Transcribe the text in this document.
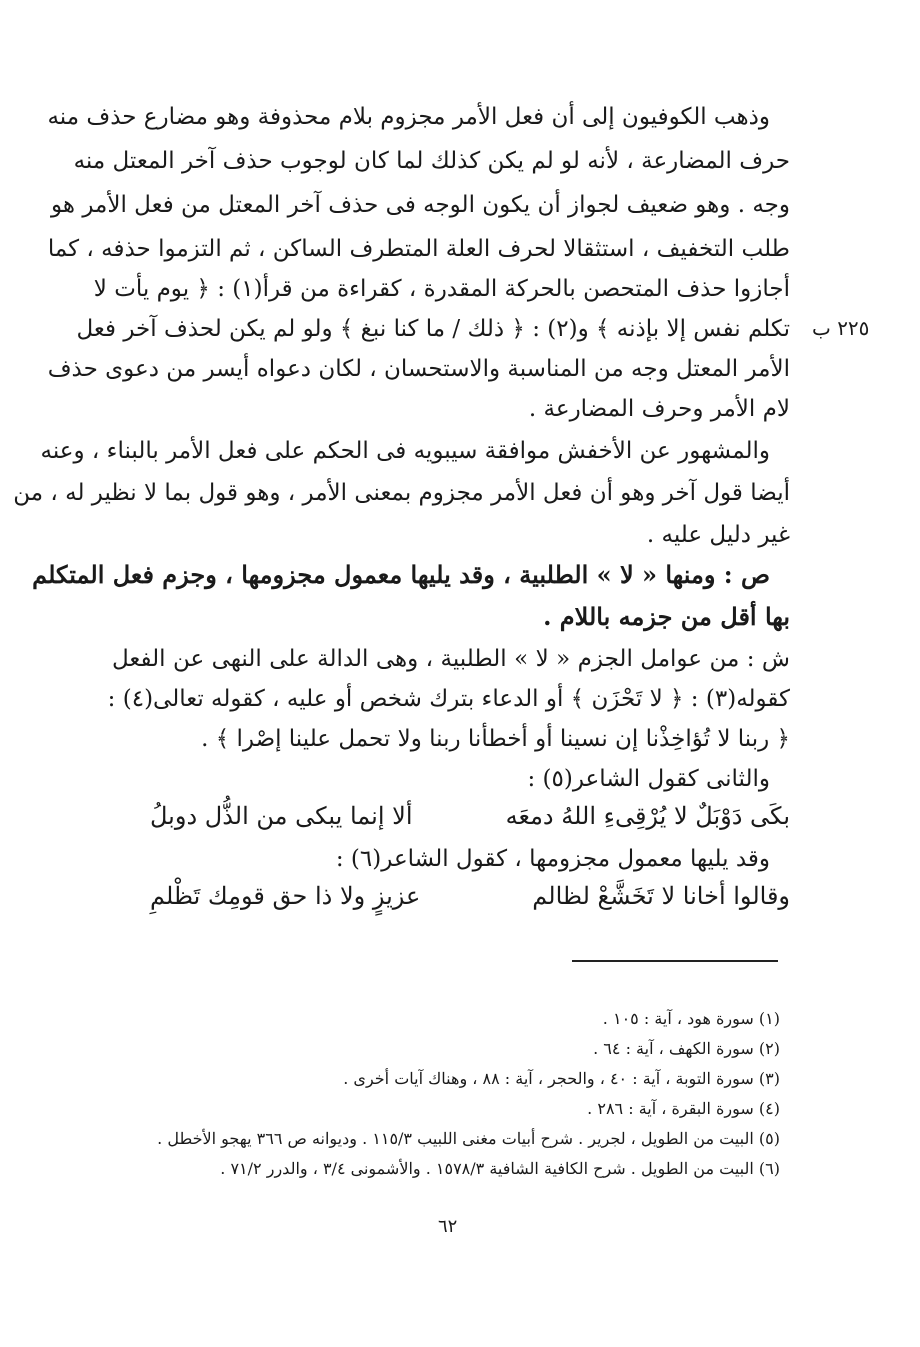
٢٢٥ ب
وذهب الكوفيون إلى أن فعل الأمر مجزوم بلام محذوفة وهو مضارع حذف منه
حرف المضارعة ، لأنه لو لم يكن كذلك لما كان لوجوب حذف آخر المعتل منه
وجه . وهو ضعيف لجواز أن يكون الوجه فى حذف آخر المعتل من فعل الأمر هو
طلب التخفيف ، استثقالا لحرف العلة المتطرف الساكن ، ثم التزموا حذفه ، كما
أجازوا حذف المتحصن بالحركة المقدرة ، كقراءة من قرأ(١) : ﴿ يوم يأت لا
تكلم نفس إلا بإذنه ﴾ و(٢) : ﴿ ذلك / ما كنا نبغ ﴾ ولو لم يكن لحذف آخر فعل
الأمر المعتل وجه من المناسبة والاستحسان ، لكان دعواه أيسر من دعوى حذف
لام الأمر وحرف المضارعة .
والمشهور عن الأخفش موافقة سيبويه فى الحكم على فعل الأمر بالبناء ، وعنه
أيضا قول آخر وهو أن فعل الأمر مجزوم بمعنى الأمر ، وهو قول بما لا نظير له ، من
غير دليل عليه .
ص : ومنها « لا » الطلبية ، وقد يليها معمول مجزومها ، وجزم فعل المتكلم
بها أقل من جزمه باللام .
ش : من عوامل الجزم « لا » الطلبية ، وهى الدالة على النهى عن الفعل
كقوله(٣) : ﴿ لا تَحْزَن ﴾ أو الدعاء بترك شخص أو عليه ، كقوله تعالى(٤) :
﴿ ربنا لا تُؤاخِذْنا إن نسينا أو أخطأنا ربنا ولا تحمل علينا إصْرا ﴾ .
والثانى كقول الشاعر(٥) :
بكَى دَوْبَلٌ لا يُرْقِىءِ اللهُ دمعَه
ألا إنما يبكى من الذُّل دوبلُ
وقد يليها معمول مجزومها ، كقول الشاعر(٦) :
وقالوا أخانا لا تَخَشَّعْ لظالم
عزيزٍ ولا ذا حق قومِك تَظْلمِ
(١) سورة هود ، آية : ١٠٥ .
(٢) سورة الكهف ، آية : ٦٤ .
(٣) سورة التوبة ، آية : ٤٠ ، والحجر ، آية : ٨٨ ، وهناك آيات أخرى .
(٤) سورة البقرة ، آية : ٢٨٦ .
(٥) البيت من الطويل ، لجرير . شرح أبيات مغنى اللبيب ١١٥/٣ . وديوانه ص ٣٦٦ يهجو الأخطل .
(٦) البيت من الطويل . شرح الكافية الشافية ١٥٧٨/٣ . والأشمونى ٣/٤ ، والدرر ٧١/٢ .
٦٢
